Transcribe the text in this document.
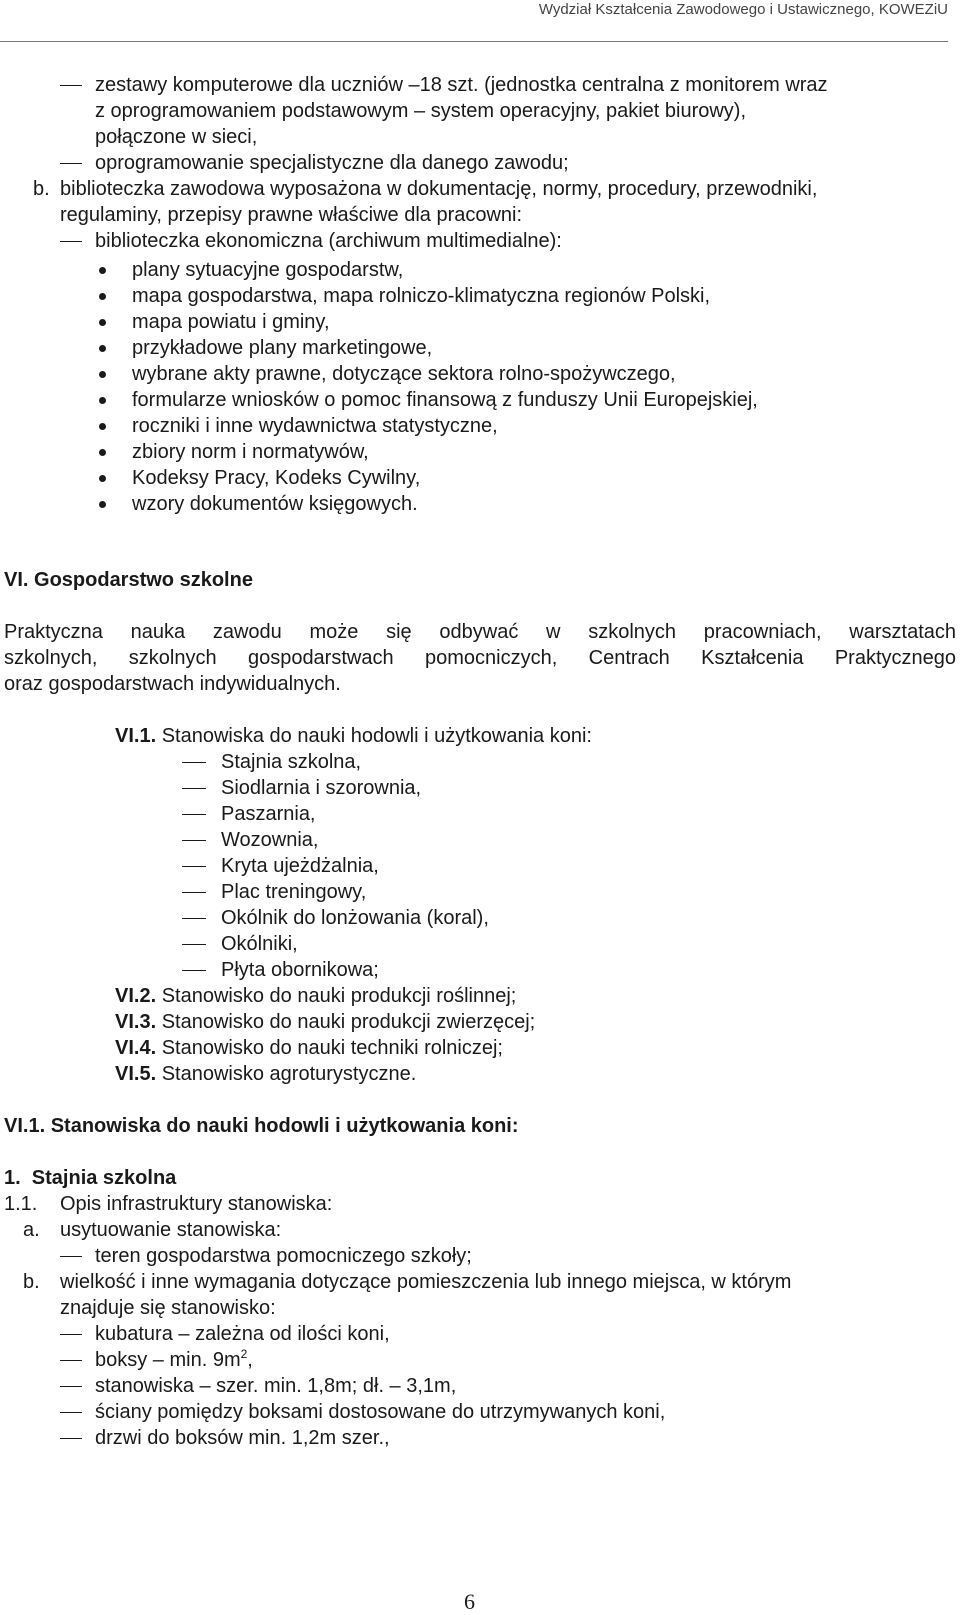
Wydział Kształcenia Zawodowego i Ustawicznego, KOWEZiU
zestawy komputerowe dla uczniów –18 szt. (jednostka centralna z monitorem wraz
z oprogramowaniem podstawowym – system operacyjny, pakiet biurowy),
połączone w sieci,
oprogramowanie specjalistyczne dla danego zawodu;
b. biblioteczka zawodowa wyposażona w dokumentację, normy, procedury, przewodniki,
regulaminy, przepisy prawne właściwe dla pracowni:
biblioteczka ekonomiczna (archiwum multimedialne):
plany sytuacyjne gospodarstw,
mapa gospodarstwa, mapa rolniczo-klimatyczna regionów Polski,
mapa powiatu i gminy,
przykładowe plany marketingowe,
wybrane akty prawne, dotyczące sektora rolno-spożywczego,
formularze wniosków o pomoc finansową z funduszy Unii Europejskiej,
roczniki i inne wydawnictwa statystyczne,
zbiory norm i normatywów,
Kodeksy Pracy, Kodeks Cywilny,
wzory dokumentów księgowych.
VI. Gospodarstwo szkolne
Praktyczna nauka zawodu może się odbywać w szkolnych pracowniach, warsztatach
szkolnych, szkolnych gospodarstwach pomocniczych, Centrach Kształcenia Praktycznego
oraz gospodarstwach indywidualnych.
VI.1. Stanowiska do nauki hodowli i użytkowania koni:
Stajnia szkolna,
Siodlarnia i szorownia,
Paszarnia,
Wozownia,
Kryta ujeżdżalnia,
Plac treningowy,
Okólnik do lonżowania (koral),
Okólniki,
Płyta obornikowa;
VI.2. Stanowisko do nauki produkcji roślinnej;
VI.3. Stanowisko do nauki produkcji zwierzęcej;
VI.4. Stanowisko do nauki techniki rolniczej;
VI.5. Stanowisko agroturystyczne.
VI.1. Stanowiska do nauki hodowli i użytkowania koni:
1.  Stajnia szkolna
1.1. Opis infrastruktury stanowiska:
a. usytuowanie stanowiska:
teren gospodarstwa pomocniczego szkoły;
b. wielkość i inne wymagania dotyczące pomieszczenia lub innego miejsca, w którym
znajduje się stanowisko:
kubatura – zależna od ilości koni,
boksy – min. $9m^2$,
stanowiska – szer. min. 1,8m; dł. – 3,1m,
ściany pomiędzy boksami dostosowane do utrzymywanych koni,
drzwi do boksów min. 1,2m szer.,
6
